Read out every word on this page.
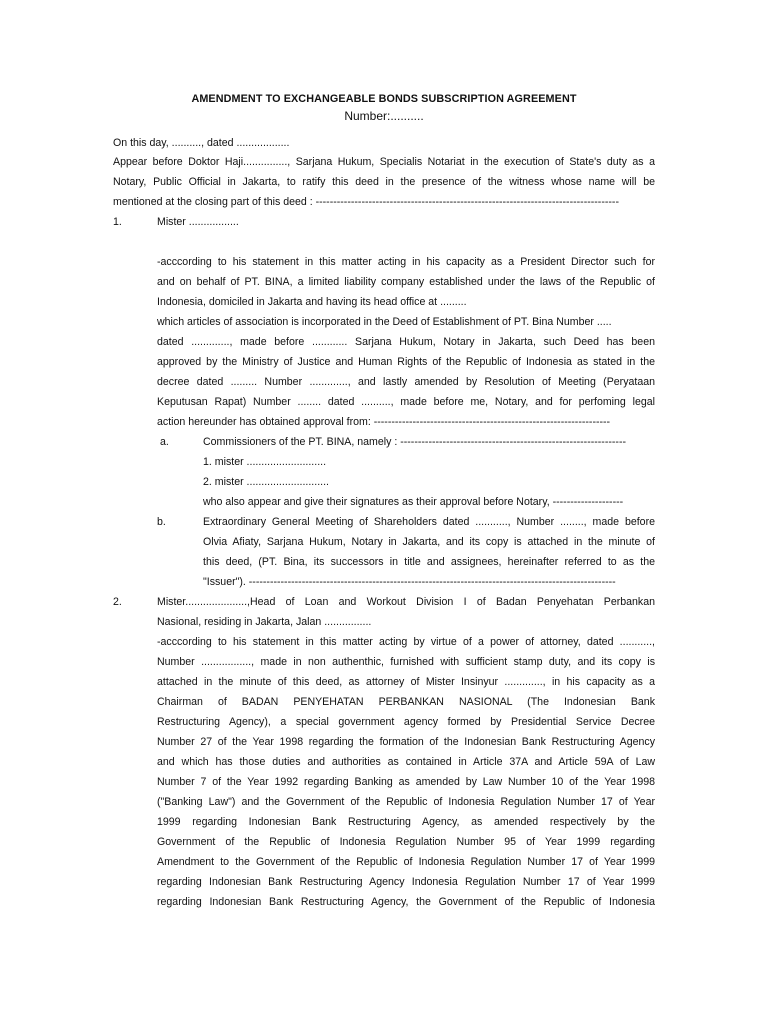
AMENDMENT TO EXCHANGEABLE BONDS SUBSCRIPTION AGREEMENT
Number:..........
On this day, .........., dated ..................
Appear before Doktor Haji..............., Sarjana Hukum, Specialis Notariat in the execution of State's duty as a
Notary, Public Official in Jakarta, to ratify this deed in the presence of the witness whose name will be
mentioned at the closing part of this deed : --------------------------------------------------------------------------------------
1.	Mister .................
-acccording to his statement in this matter acting in his capacity as a President Director such for
and on behalf of PT. BINA, a limited liability company established under the laws of the Republic of
Indonesia, domiciled in Jakarta and having its head office at .........
which articles of association is incorporated in the Deed of Establishment of PT. Bina Number .....
dated ............., made before ............ Sarjana Hukum, Notary in Jakarta, such Deed has been
approved by the Ministry of Justice and Human Rights of the Republic of Indonesia as stated in the
decree dated ......... Number ............., and lastly amended by Resolution of Meeting (Peryataan
Keputusan Rapat) Number ........ dated .........., made before me, Notary, and for perfoming legal
action hereunder has obtained approval from: -------------------------------------------------------------------
a.	Commissioners of the PT. BINA, namely : ----------------------------------------------------------------
1. mister ...........................
2. mister ............................
who also appear and give their signatures as their approval before Notary, --------------------
b.	Extraordinary General Meeting of Shareholders dated ..........., Number ........, made before
Olvia Afiaty, Sarjana Hukum, Notary in Jakarta, and its copy is attached in the minute of
this deed, (PT. Bina, its successors in title and assignees, hereinafter referred to as the
"Issuer"). --------------------------------------------------------------------------------------------------------
2.	Mister.....................,Head of Loan and Workout Division I of Badan Penyehatan Perbankan
Nasional, residing in Jakarta, Jalan ................
-acccording to his statement in this matter acting by virtue of a power of attorney, dated ...........,
Number ................., made in non authenthic, furnished with sufficient stamp duty, and its copy is
attached in the minute of this deed, as attorney of Mister Insinyur ............., in his capacity as a
Chairman of BADAN PENYEHATAN PERBANKAN NASIONAL (The Indonesian Bank
Restructuring Agency), a special government agency formed by Presidential Service Decree
Number 27 of the Year 1998 regarding the formation of the Indonesian Bank Restructuring Agency
and which has those duties and authorities as contained in Article 37A and Article 59A of Law
Number 7 of the Year 1992 regarding Banking as amended by Law Number 10 of the Year 1998
("Banking Law") and the Government of the Republic of Indonesia Regulation Number 17 of Year
1999 regarding Indonesian Bank Restructuring Agency, as amended respectively by the
Government of the Republic of Indonesia Regulation Number 95 of Year 1999 regarding
Amendment to the Government of the Republic of Indonesia Regulation Number 17 of Year 1999
regarding Indonesian Bank Restructuring Agency Indonesia Regulation Number 17 of Year 1999
regarding Indonesian Bank Restructuring Agency, the Government of the Republic of Indonesia
